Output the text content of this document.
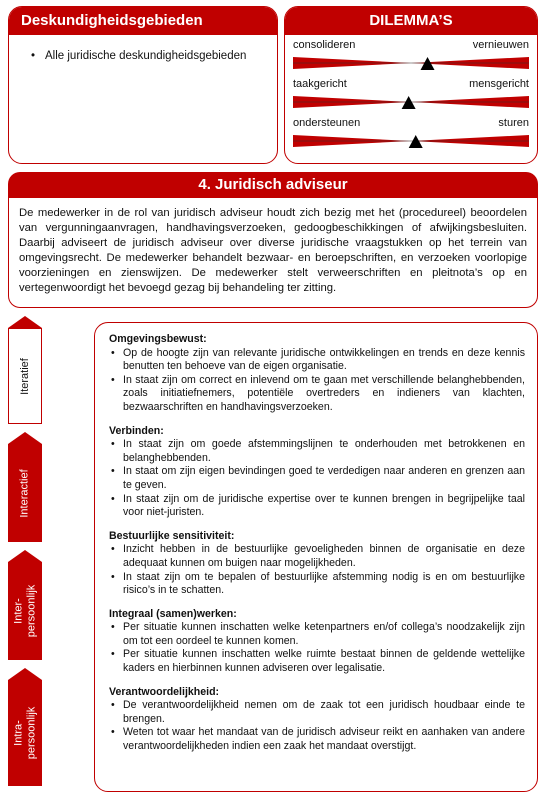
Deskundigheidsgebieden
• Alle juridische deskundigheidsgebieden
DILEMMA’S
consolideren	vernieuwen
taakgericht	mensgericht
ondersteunen	sturen
4. Juridisch adviseur
De medewerker in de rol van juridisch adviseur houdt zich bezig met het (procedureel) beoordelen van vergunningaanvragen, handhavingsverzoeken, gedoogbeschikkingen of afwijkingsbesluiten. Daarbij adviseert de juridisch adviseur over diverse juridische vraagstukken op het terrein van omgevingsrecht. De medewerker behandelt bezwaar- en beroepschriften, en verzoeken voorlopige voorzieningen en zienswijzen. De medewerker stelt verweerschriften en pleitnota’s op en vertegenwoordigt het bevoegd gezag bij behandeling ter zitting.
Iteratief
Interactief
Inter-
persoonlijk
Intra-
persoonlijk
Omgevingsbewust:
• Op de hoogte zijn van relevante juridische ontwikkelingen en trends en deze kennis benutten ten behoeve van de eigen organisatie.
• In staat zijn om correct en inlevend om te gaan met verschillende belanghebbenden, zoals initiatiefnemers, potentiële overtreders en indieners van klachten, bezwaarschriften en handhavingsverzoeken.
Verbinden:
• In staat zijn om goede afstemmingslijnen te onderhouden met betrokkenen en belanghebbenden.
• In staat om zijn eigen bevindingen goed te verdedigen naar anderen en grenzen aan te geven.
• In staat zijn om de juridische expertise over te kunnen brengen in begrijpelijke taal voor niet-juristen.
Bestuurlijke sensitiviteit:
• Inzicht hebben in de bestuurlijke gevoeligheden binnen de organisatie en deze adequaat kunnen om buigen naar mogelijkheden.
• In staat zijn om te bepalen of bestuurlijke afstemming nodig is en om bestuurlijke risico’s in te schatten.
Integraal (samen)werken:
• Per situatie kunnen inschatten welke ketenpartners en/of collega’s noodzakelijk zijn om tot een oordeel te kunnen komen.
• Per situatie kunnen inschatten welke ruimte bestaat binnen de geldende wettelijke kaders en hierbinnen kunnen adviseren over legalisatie.
Verantwoordelijkheid:
• De verantwoordelijkheid nemen om de zaak tot een juridisch houdbaar einde te brengen.
• Weten tot waar het mandaat van de juridisch adviseur reikt en aanhaken van andere verantwoordelijkheden indien een zaak het mandaat overstijgt.
